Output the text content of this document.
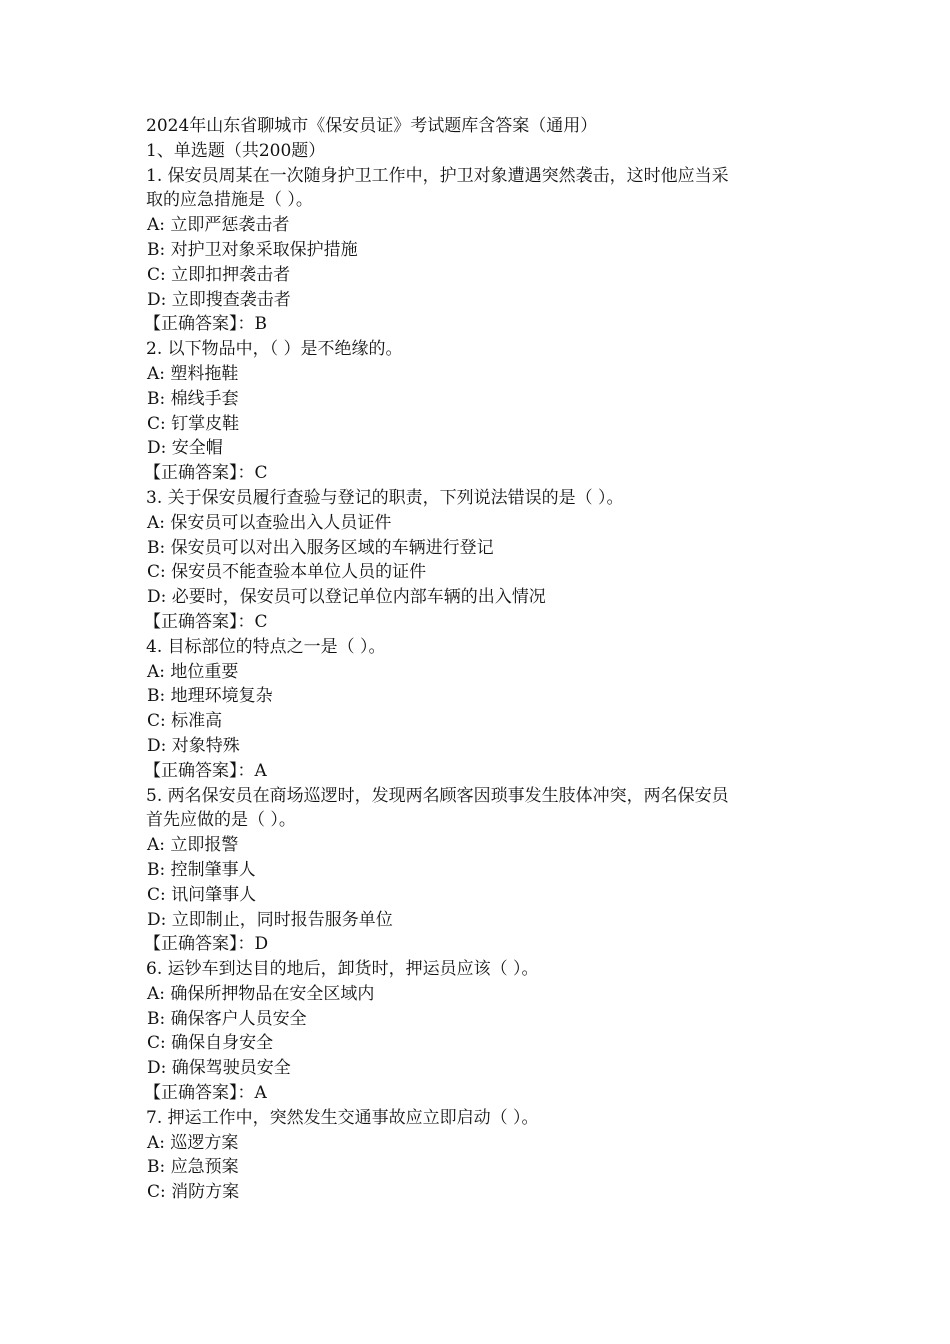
2024年山东省聊城市《保安员证》考试题库含答案（通用）
1、单选题（共200题）
1. 保安员周某在一次随身护卫工作中，护卫对象遭遇突然袭击，这时他应当采
取的应急措施是（ ）。
A: 立即严惩袭击者
B: 对护卫对象采取保护措施
C: 立即扣押袭击者
D: 立即搜查袭击者
【正确答案】：B
2. 以下物品中，（ ）是不绝缘的。
A: 塑料拖鞋
B: 棉线手套
C: 钉掌皮鞋
D: 安全帽
【正确答案】：C
3. 关于保安员履行查验与登记的职责，下列说法错误的是（ ）。
A: 保安员可以查验出入人员证件
B: 保安员可以对出入服务区域的车辆进行登记
C: 保安员不能查验本单位人员的证件
D: 必要时，保安员可以登记单位内部车辆的出入情况
【正确答案】：C
4. 目标部位的特点之一是（ ）。
A: 地位重要
B: 地理环境复杂
C: 标准高
D: 对象特殊
【正确答案】：A
5. 两名保安员在商场巡逻时，发现两名顾客因琐事发生肢体冲突，两名保安员
首先应做的是（ ）。
A: 立即报警
B: 控制肇事人
C: 讯问肇事人
D: 立即制止，同时报告服务单位
【正确答案】：D
6. 运钞车到达目的地后，卸货时，押运员应该（ ）。
A: 确保所押物品在安全区域内
B: 确保客户人员安全
C: 确保自身安全
D: 确保驾驶员安全
【正确答案】：A
7. 押运工作中，突然发生交通事故应立即启动（ ）。
A: 巡逻方案
B: 应急预案
C: 消防方案
